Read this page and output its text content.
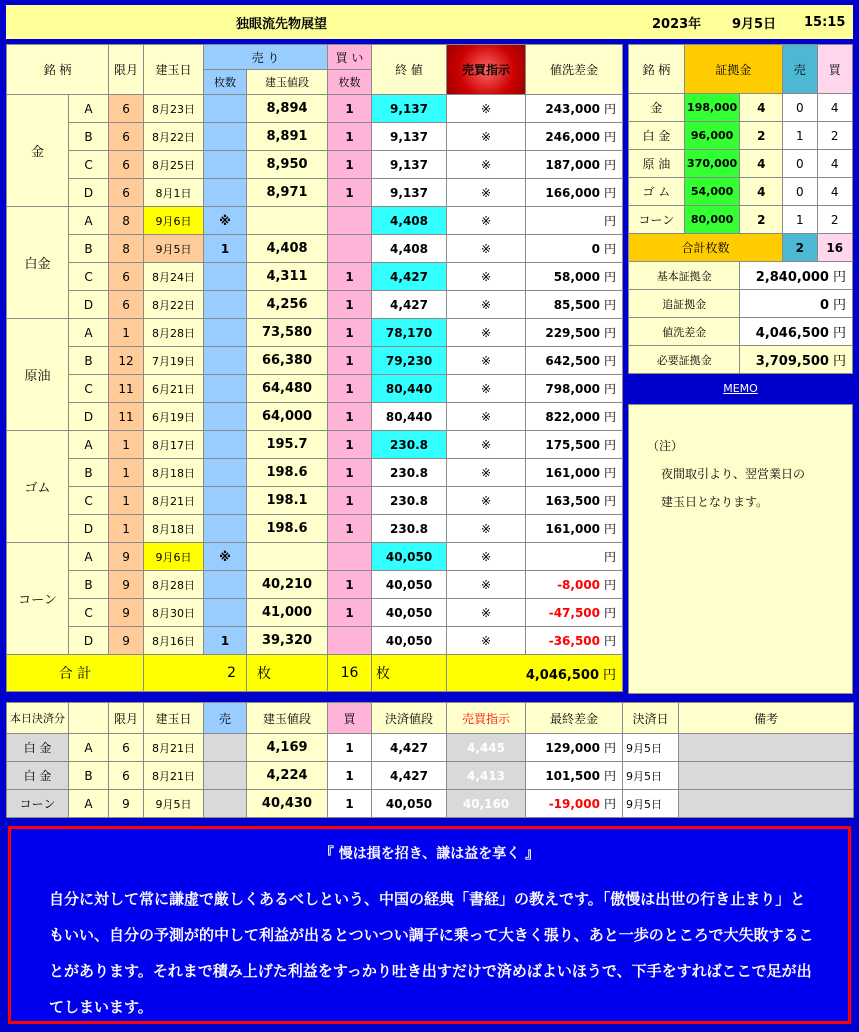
独眼流先物展望	2023年 9月5日 15:15
銘 柄		限月	建玉日	売 り		買 い	終 値	売買指示	値洗差金
				枚数	建玉値段	枚数			
金	A	6	8月23日		8,894	1	9,137	※	243,000 円
	B	6	8月22日		8,891	1	9,137	※	246,000 円
	C	6	8月25日		8,950	1	9,137	※	187,000 円
	D	6	8月1日		8,971	1	9,137	※	166,000 円
白金	A	8	9月6日	※			4,408	※	円
	B	8	9月5日	1	4,408		4,408	※	0 円
	C	6	8月24日		4,311	1	4,427	※	58,000 円
	D	6	8月22日		4,256	1	4,427	※	85,500 円
原油	A	1	8月28日		73,580	1	78,170	※	229,500 円
	B	12	7月19日		66,380	1	79,230	※	642,500 円
	C	11	6月21日		64,480	1	80,440	※	798,000 円
	D	11	6月19日		64,000	1	80,440	※	822,000 円
ゴム	A	1	8月17日		195.7	1	230.8	※	175,500 円
	B	1	8月18日		198.6	1	230.8	※	161,000 円
	C	1	8月21日		198.1	1	230.8	※	163,500 円
	D	1	8月18日		198.6	1	230.8	※	161,000 円
コーン	A	9	9月6日	※			40,050	※	円
	B	9	8月28日		40,210	1	40,050	※	-8,000 円
	C	9	8月30日		41,000	1	40,050	※	-47,500 円
	D	9	8月16日	1	39,320		40,050	※	-36,500 円
合 計			2		枚	16	枚	4,046,500 円	
銘 柄	証拠金		売	買
金	198,000	4	0	4
白 金	96,000	2	1	2
原 油	370,000	4	0	4
ゴ ム	54,000	4	0	4
コーン	80,000	2	1	2
合計枚数			2	16
基本証拠金		2,840,000 円		
追証拠金		0 円		
値洗差金		4,046,500 円		
必要証拠金		3,709,500 円		
MEMO
（注）
夜間取引より、翌営業日の
建玉日となります。
本日決済分		限月	建玉日	売	建玉値段	買	決済値段	売買指示	最終差金	決済日	備考
白 金	A	6	8月21日		4,169	1	4,427	4,445	129,000 円	9月5日	
白 金	B	6	8月21日		4,224	1	4,427	4,413	101,500 円	9月5日	
コーン	A	9	9月5日		40,430	1	40,050	40,160	-19,000 円	9月5日	
『 慢は損を招き、謙は益を享く 』
自分に対して常に謙虚で厳しくあるべしという、中国の経典「書経」の教えです。「傲慢は出世の行き止まり」ともいい、自分の予測が的中して利益が出るとついつい調子に乗って大きく張り、あと一歩のところで大失敗することがあります。それまで積み上げた利益をすっかり吐き出すだけで済めばよいほうで、下手をすればここで足が出てしまいます。
